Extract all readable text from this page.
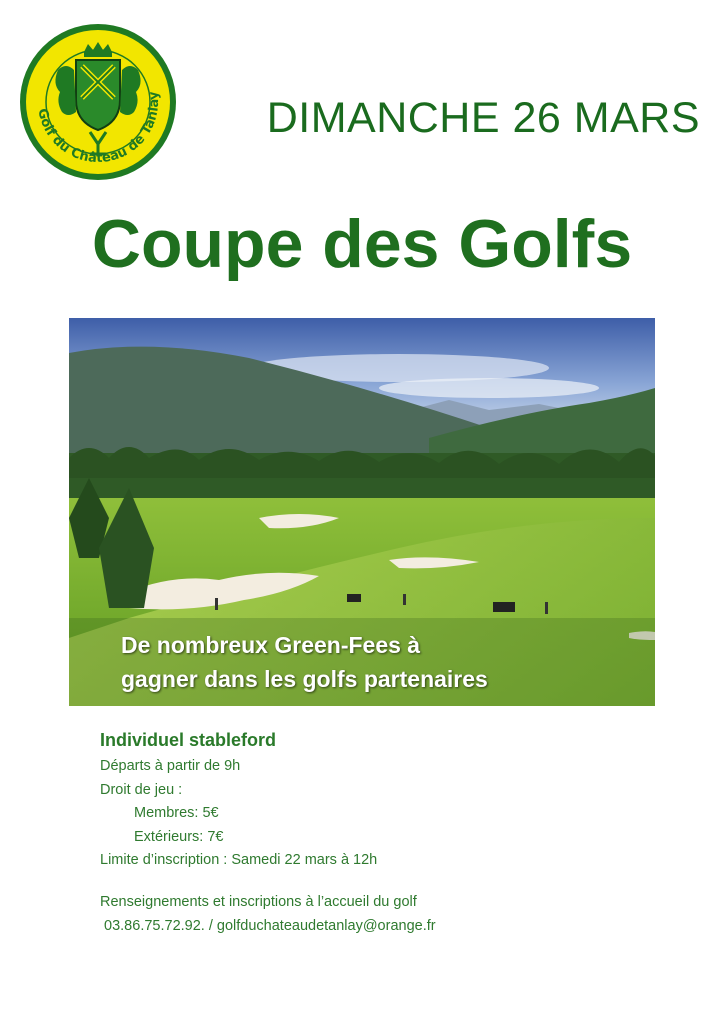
Golf du Château de Tanlay	DIMANCHE 26 MARS
Coupe des Golfs
De nombreux Green-Fees à
gagner dans les golfs partenaires
Individuel stableford
Départs à partir de 9h
Droit de jeu :
Membres: 5€
Extérieurs: 7€
Limite d’inscription : Samedi 22 mars à 12h
Renseignements et inscriptions à l’accueil du golf
03.86.75.72.92. / golfduchateaudetanlay@orange.fr
